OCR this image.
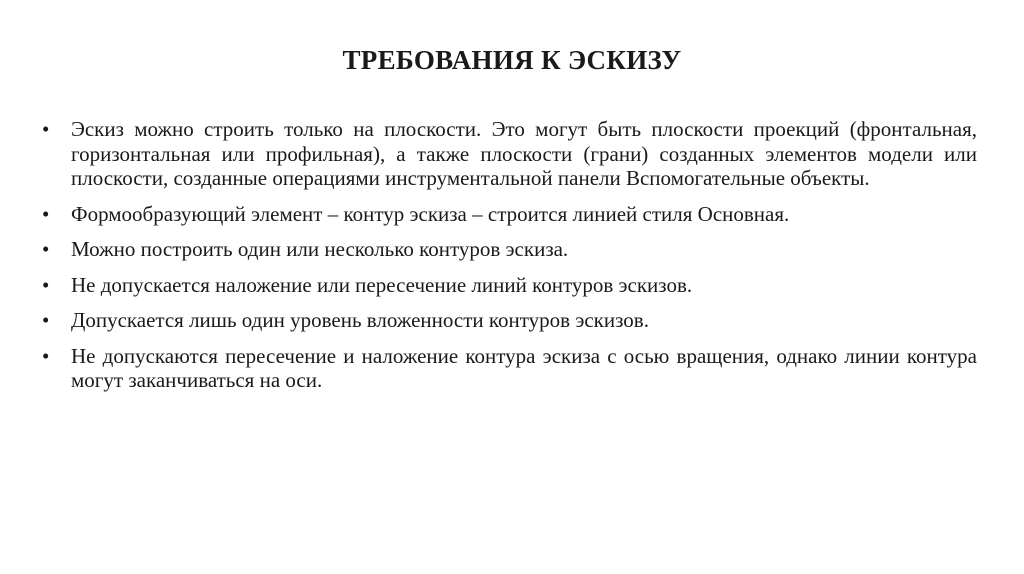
ТРЕБОВАНИЯ К ЭСКИЗУ
•	Эскиз можно строить только на плоскости. Это могут быть плоскости проекций (фронтальная, горизонтальная или профильная), а также плоскости (грани) созданных элементов модели или плоскости, созданные операциями инструментальной панели Вспомогательные объекты.
•	Формообразующий элемент – контур эскиза – строится линией стиля Основная.
•	Можно построить один или несколько контуров эскиза.
•	Не допускается наложение или пересечение линий контуров эскизов.
•	Допускается лишь один уровень вложенности контуров эскизов.
•	Не допускаются пересечение и наложение контура эскиза с осью вращения, однако линии контура могут заканчиваться на оси.
